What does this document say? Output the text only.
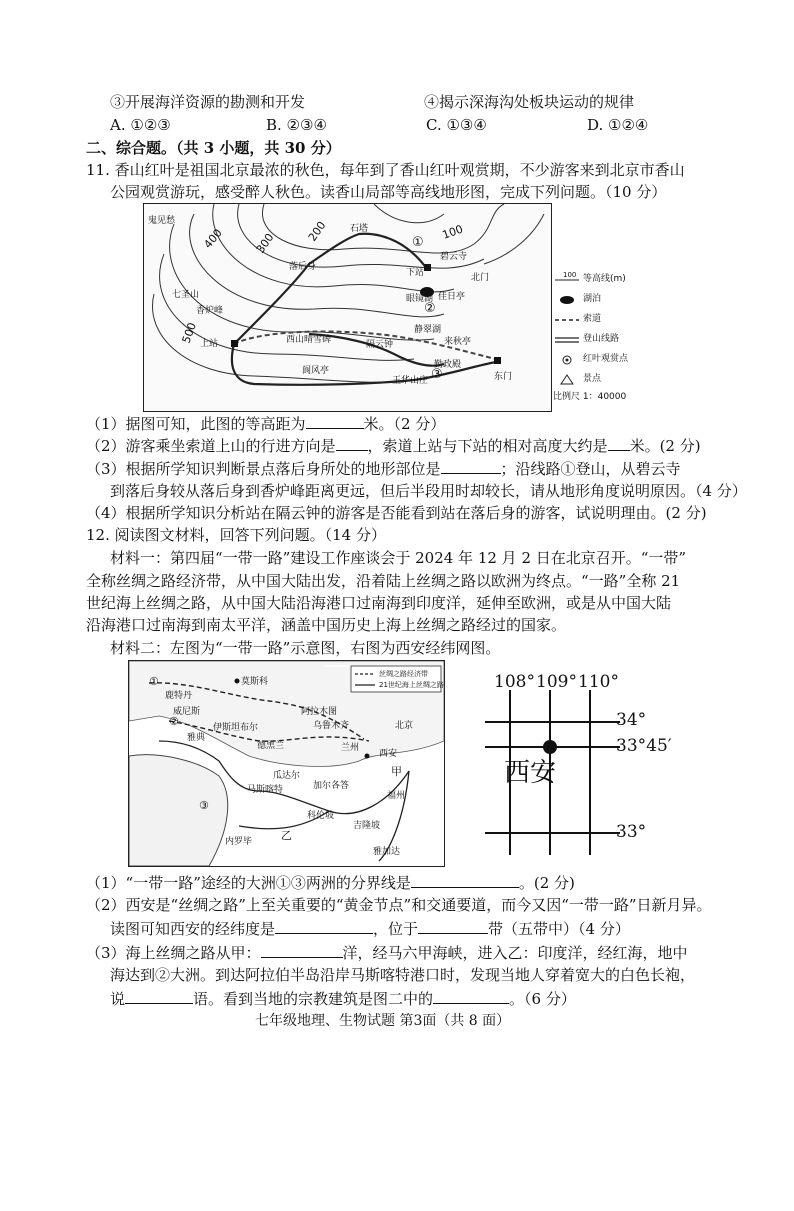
③开展海洋资源的勘测和开发	④揭示深海沟处板块运动的规律
A. ①②③	B. ②③④	C. ①③④	D. ①②④
二、综合题。（共 3 小题，共 30 分）
11. 香山红叶是祖国北京最浓的秋色，每年到了香山红叶观赏期，不少游客来到北京市香山
公园观赏游玩，感受醉人秋色。读香山局部等高线地形图，完成下列问题。（10 分）
100
200
300
400
500
鬼见愁
石塔
碧云寺
下站	北门
眼镜湖 佳日亭
落后身
七圣山
香炉峰
上站	西山晴雪碑
阆风亭
玉华山庄
静翠湖
来秋亭
隔云钟
勤政殿
东门
①
②
③
100 等高线(m)
湖泊
索道
登山线路
红叶观赏点
景点
比例尺 1：40000
（1）据图可知，此图的等高距为	米。（2 分）
（2）游客乘坐索道上山的行进方向是 ，索道上站与下站的相对高度大约是 米。(2 分)
（3）根据所学知识判断景点落后身所处的地形部位是	；沿线路①登山，从碧云寺
到落后身较从落后身到香炉峰距离更远，但后半段用时却较长，请从地形角度说明原因。（4 分）
（4）根据所学知识分析站在隔云钟的游客是否能看到站在落后身的游客，试说明理由。(2 分)
12. 阅读图文材料，回答下列问题。（14 分）
材料一：第四届“一带一路”建设工作座谈会于 2024 年 12 月 2 日在北京召开。“一带”
全称丝绸之路经济带，从中国大陆出发，沿着陆上丝绸之路以欧洲为终点。“一路”全称 21
世纪海上丝绸之路，从中国大陆沿海港口过南海到印度洋，延伸至欧洲，或是从中国大陆
沿海港口过南海到南太平洋，涵盖中国历史上海上丝绸之路经过的国家。
材料二：左图为“一带一路”示意图，右图为西安经纬网图。
丝绸之路经济带
21世纪海上丝绸之路
莫斯科
鹿特丹
威尼斯
雅典
伊斯坦布尔
德黑兰
阿拉木图
乌鲁木齐
兰州
西安
北京
瓜达尔
加尔各答
马斯喀特
科伦坡
吉隆坡
雅加达
福州
内罗毕
①
②
③
甲
乙
108° 109° 110°
34°
33°45′
33°
西安
（1）“一带一路”途经的大洲①③两洲的分界线是	。(2 分)
（2）西安是“丝绸之路”上至关重要的“黄金节点”和交通要道，而今又因“一带一路”日新月异。
读图可知西安的经纬度是	，位于	带（五带中）（4 分）
（3）海上丝绸之路从甲：	洋，经马六甲海峡，进入乙：印度洋，经红海，地中
海达到②大洲。到达阿拉伯半岛沿岸马斯喀特港口时，发现当地人穿着宽大的白色长袍，
说	语。看到当地的宗教建筑是图二中的	。（6 分）
七年级地理、生物试题 第3面（共 8 面）
